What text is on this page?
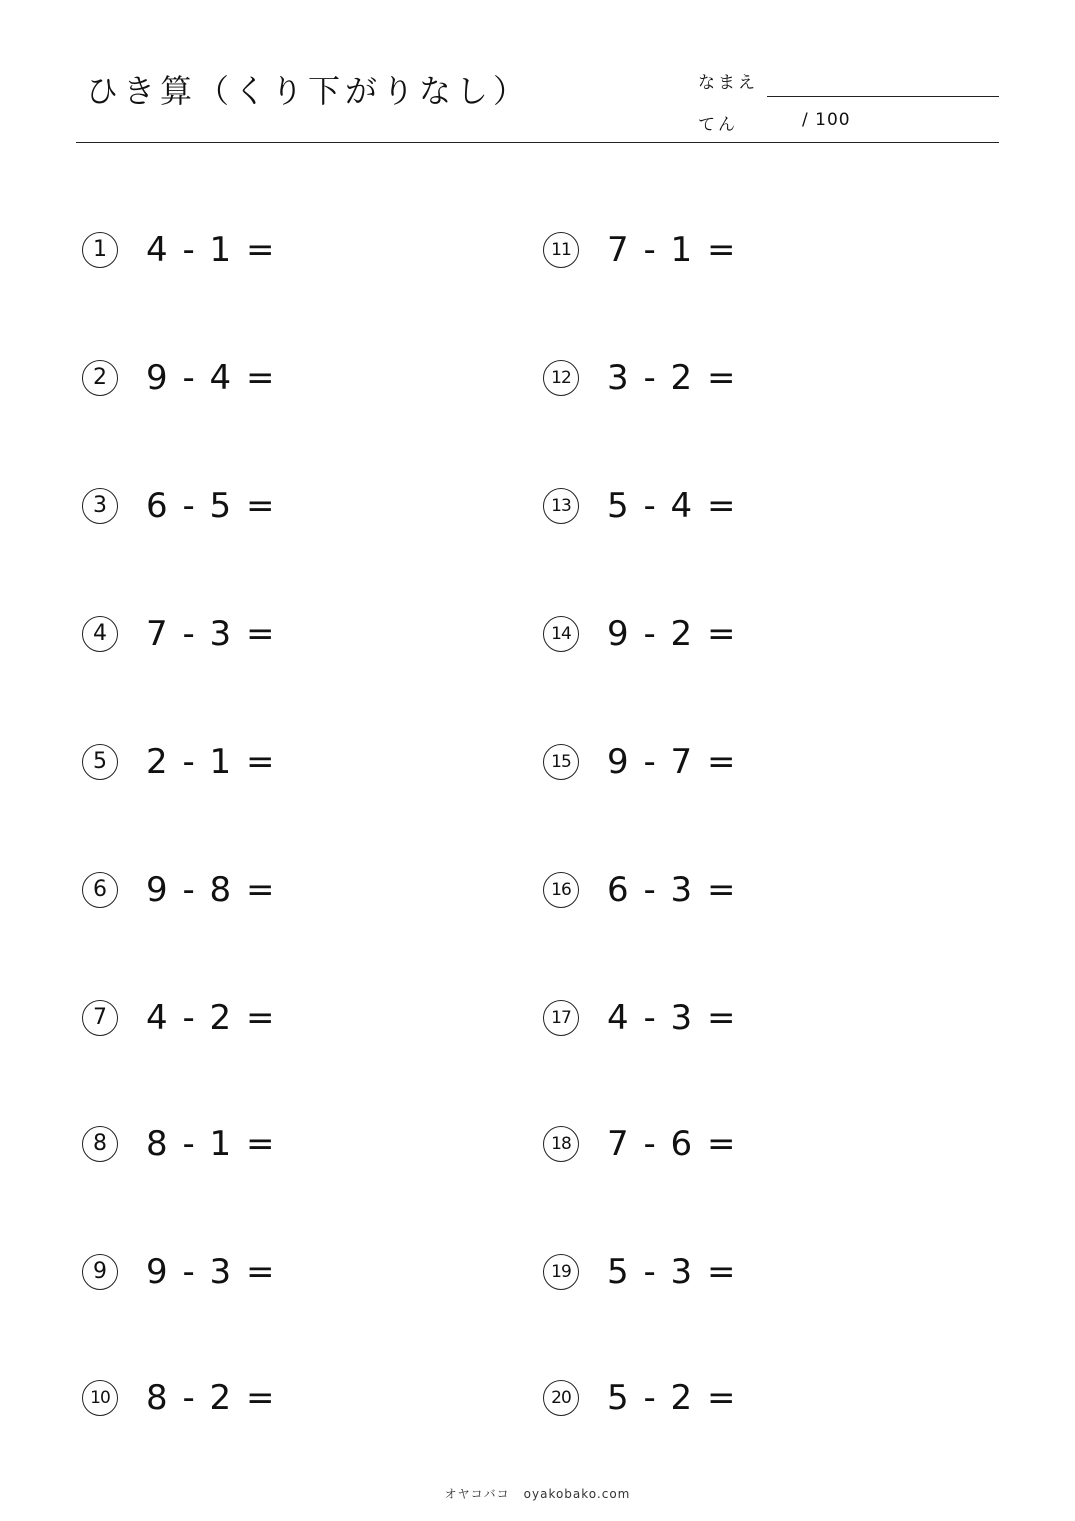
ひき算（くり下がりなし）	なまえ
てん	/ 100
1	4 - 1 =
2	9 - 4 =
3	6 - 5 =
4	7 - 3 =
5	2 - 1 =
6	9 - 8 =
7	4 - 2 =
8	8 - 1 =
9	9 - 3 =
10 8 - 2 =
11 7 - 1 =
12 3 - 2 =
13 5 - 4 =
14 9 - 2 =
15 9 - 7 =
16 6 - 3 =
17 4 - 3 =
18 7 - 6 =
19 5 - 3 =
20 5 - 2 =
オヤコバコ oyakobako.com
